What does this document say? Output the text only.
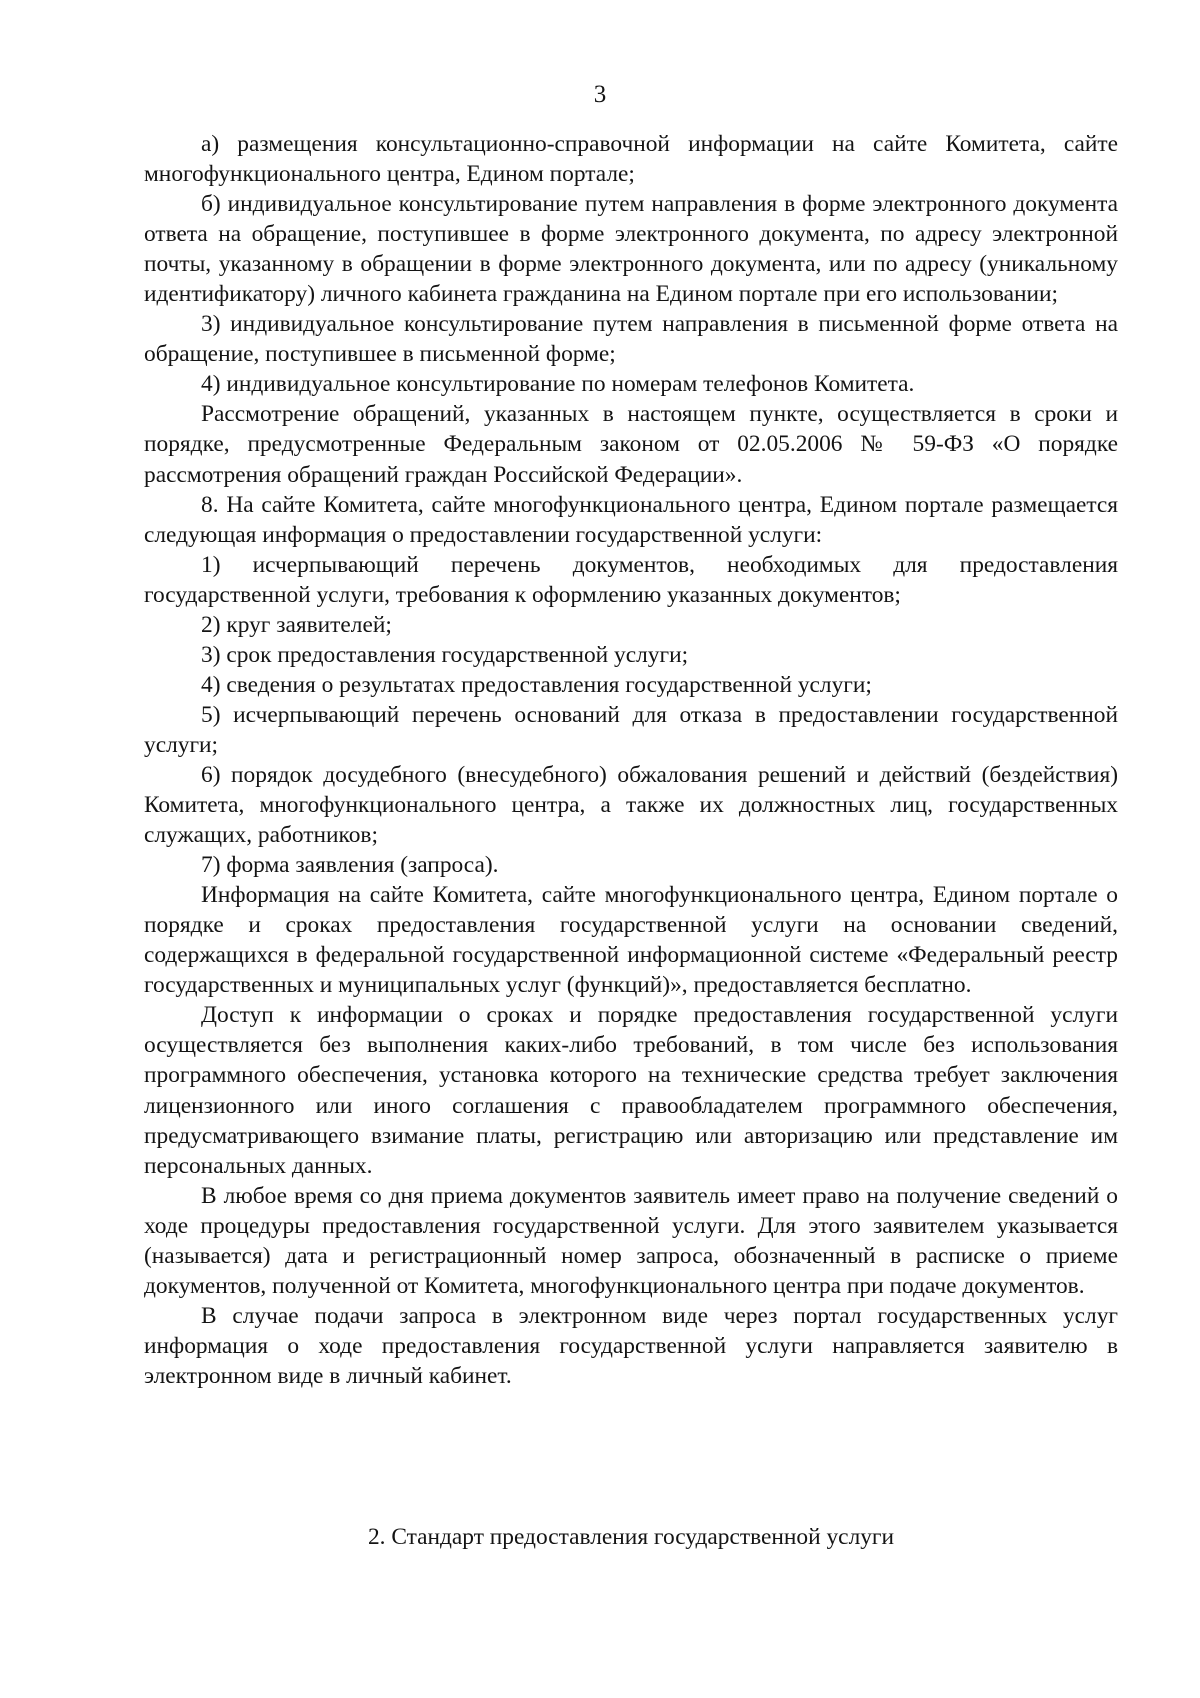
3

а) размещения консультационно-справочной информации на сайте Комитета, сайте многофункционального центра, Едином портале;

б) индивидуальное консультирование путем направления в форме электронного документа ответа на обращение, поступившее в форме электронного документа, по адресу электронной почты, указанному в обращении в форме электронного документа, или по адресу (уникальному идентификатору) личного кабинета гражданина на Едином портале при его использовании;

3) индивидуальное консультирование путем направления в письменной форме ответа на обращение, поступившее в письменной форме;

4) индивидуальное консультирование по номерам телефонов Комитета.

Рассмотрение обращений, указанных в настоящем пункте, осуществляется в сроки и порядке, предусмотренные Федеральным законом от 02.05.2006 № 59-ФЗ «О порядке рассмотрения обращений граждан Российской Федерации».

8. На сайте Комитета, сайте многофункционального центра, Едином портале размещается следующая информация о предоставлении государственной услуги:

1) исчерпывающий перечень документов, необходимых для предоставления государственной услуги, требования к оформлению указанных документов;

2) круг заявителей;

3) срок предоставления государственной услуги;

4) сведения о результатах предоставления государственной услуги;

5) исчерпывающий перечень оснований для отказа в предоставлении государственной услуги;

6) порядок досудебного (внесудебного) обжалования решений и действий (бездействия) Комитета, многофункционального центра, а также их должностных лиц, государственных служащих, работников;

7) форма заявления (запроса).

Информация на сайте Комитета, сайте многофункционального центра, Едином портале о порядке и сроках предоставления государственной услуги на основании сведений, содержащихся в федеральной государственной информационной системе «Федеральный реестр государственных и муниципальных услуг (функций)», предоставляется бесплатно.

Доступ к информации о сроках и порядке предоставления государственной услуги осуществляется без выполнения каких-либо требований, в том числе без использования программного обеспечения, установка которого на технические средства требует заключения лицензионного или иного соглашения с правообладателем программного обеспечения, предусматривающего взимание платы, регистрацию или авторизацию или представление им персональных данных.

В любое время со дня приема документов заявитель имеет право на получение сведений о ходе процедуры предоставления государственной услуги. Для этого заявителем указывается (называется) дата и регистрационный номер запроса, обозначенный в расписке о приеме документов, полученной от Комитета, многофункционального центра при подаче документов.

В случае подачи запроса в электронном виде через портал государственных услуг информация о ходе предоставления государственной услуги направляется заявителю в электронном виде в личный кабинет.

2. Стандарт предоставления государственной услуги
